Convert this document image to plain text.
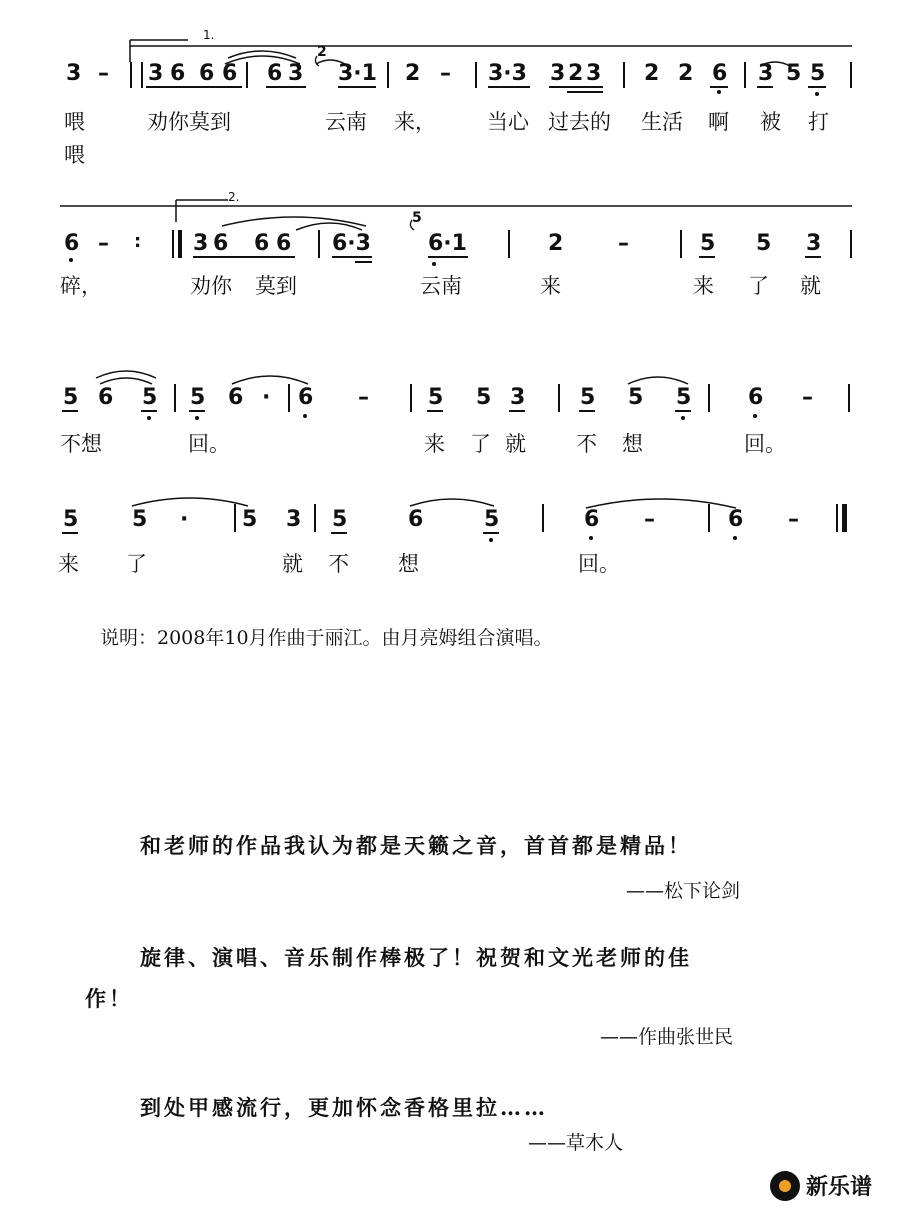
1.
3 – 3 6 6 6 6 3
2
3·1 2 – 3·3 3 2 3 2 2 6 3 5 5
喂	劝你莫到	云南 来， 当心 过去的 生活 啊 被 打
喂
2.
6 – : 3 6 6 6 6·3
5
6·1	2 –	5 5 3
碎，	劝你 莫到	云南	来	来 了 就
5 6 5 5 6 · 6 –	5 5 3 5 5 5	6 –
不想	回。	来 了 就 不 想	回。
5 5 · 5 3 5	6	5	6 –	6 –
来 了	就 不 想	回。
说明：2008年10月作曲于丽江。由月亮姆组合演唱。
和老师的作品我认为都是天籁之音，首首都是精品！
——松下论剑
旋律、演唱、音乐制作棒极了！祝贺和文光老师的佳
作！
——作曲张世民
到处甲感流行，更加怀念香格里拉……
——草木人
新乐谱
